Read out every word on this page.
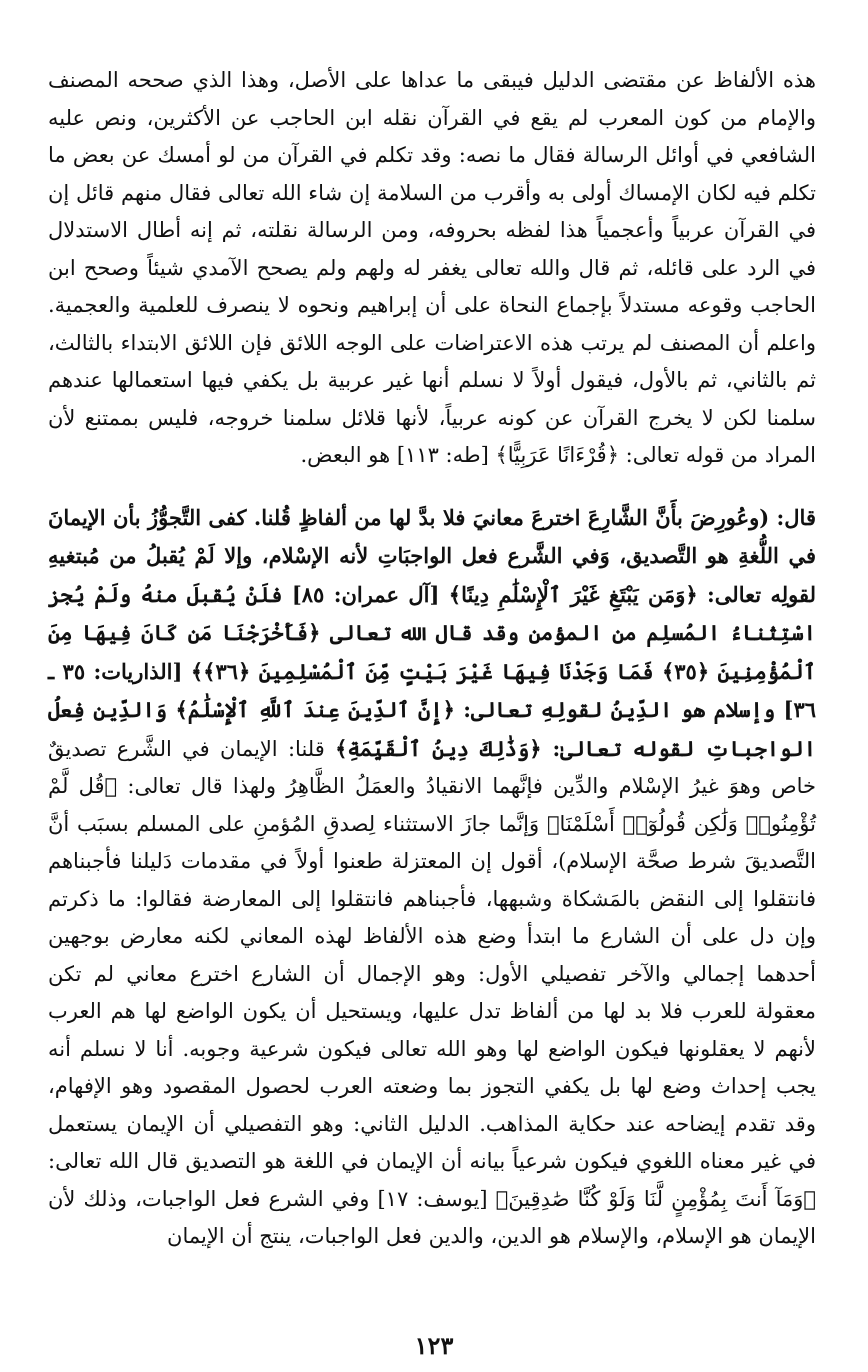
هذه الألفاظ عن مقتضى الدليل فيبقى ما عداها على الأصل، وهذا الذي صححه المصنف والإمام من كون المعرب لم يقع في القرآن نقله ابن الحاجب عن الأكثرين، ونص عليه الشافعي في أوائل الرسالة فقال ما نصه: وقد تكلم في القرآن من لو أمسك عن بعض ما تكلم فيه لكان الإمساك أولى به وأقرب من السلامة إن شاء الله تعالى فقال منهم قائل إن في القرآن عربياً وأعجمياً هذا لفظه بحروفه، ومن الرسالة نقلته، ثم إنه أطال الاستدلال في الرد على قائله، ثم قال والله تعالى يغفر له ولهم ولم يصحح الآمدي شيئاً وصحح ابن الحاجب وقوعه مستدلاً بإجماع النحاة على أن إبراهيم ونحوه لا ينصرف للعلمية والعجمية. واعلم أن المصنف لم يرتب هذه الاعتراضات على الوجه اللائق فإن اللائق الابتداء بالثالث، ثم بالثاني، ثم بالأول، فيقول أولاً لا نسلم أنها غير عربية بل يكفي فيها استعمالها عندهم سلمنا لكن لا يخرج القرآن عن كونه عربياً، لأنها قلائل سلمنا خروجه، فليس بممتنع لأن المراد من قوله تعالى: ﴿قُرْءَانًا عَرَبِيًّا﴾ [طه: ١١٣] هو البعض.

قال: (وعُورِضَ بأَنَّ الشَّارِعَ اخترعَ معانيَ فلا بدَّ لها من ألفاظٍ قُلنا. كفى التَّجوُّزُ بأن الإيمانَ في اللُّغةِ هو التَّصديق، وَفي الشَّرع فعل الواجبَاتِ لأنه الإسْلام، وإلا لَمْ يُقبلُ من مُبتغيهِ لقولِه تعالى: ﴿وَمَن يَبْتَغِ غَيْرَ ٱلْإِسْلَٰمِ دِينًا﴾ [آل عمران: ٨٥] فلَنْ يُقبلَ منهُ ولَمْ يُجز اسْتِثناءُ المُسلِم من المؤمن وقد قال الله تعالى ﴿فَأَخْرَجْنَا مَن كَانَ فِيهَا مِنَ ٱلْمُؤْمِنِينَ ﴿٣٥﴾ فَمَا وَجَدْنَا فِيهَا غَيْرَ بَيْتٍ مِّنَ ٱلْمُسْلِمِينَ ﴿٣٦﴾﴾ [الذاريات: ٣٥ ـ ٣٦] وإسلام هو الدِّينُ لقولِهِ تعالى: ﴿إِنَّ ٱلدِّينَ عِندَ ٱللَّهِ ٱلْإِسْلَٰمُ﴾ وَالدِّين فِعلُ الواجباتِ لقوله تعالىٰ: ﴿وَذَٰلِكَ دِينُ ٱلْقَيِّمَةِ﴾ قلنا: الإيمان في الشَّرع تصديقٌ خاص وهوَ غيرُ الإسْلام والدِّين فإنَّهما الانقيادُ والعمَلُ الظَّاهِرُ ولهذا قال تعالى: ﴿قُل لَّمْ تُؤْمِنُوا۟ وَلَٰكِن قُولُوٓا۟ أَسْلَمْنَا﴾ وَإنَّما جازَ الاستثناء لِصدقِ المُؤمنِ على المسلم بسبَب أنَّ التَّصديقَ شرط صحَّة الإسلام)، أقول إن المعتزلة طعنوا أولاً في مقدمات دَليلنا فأجبناهم فانتقلوا إلى النقض بالمَشكاة وشبهها، فأجبناهم فانتقلوا إلى المعارضة فقالوا: ما ذكرتم وإن دل على أن الشارع ما ابتدأ وضع هذه الألفاظ لهذه المعاني لكنه معارض بوجهين أحدهما إجمالي والآخر تفصيلي الأول: وهو الإجمال أن الشارع اخترع معاني لم تكن معقولة للعرب فلا بد لها من ألفاظ تدل عليها، ويستحيل أن يكون الواضع لها هم العرب لأنهم لا يعقلونها فيكون الواضع لها وهو الله تعالى فيكون شرعية وجوبه. أنا لا نسلم أنه يجب إحداث وضع لها بل يكفي التجوز بما وضعته العرب لحصول المقصود وهو الإفهام، وقد تقدم إيضاحه عند حكاية المذاهب. الدليل الثاني: وهو التفصيلي أن الإيمان يستعمل في غير معناه اللغوي فيكون شرعياً بيانه أن الإيمان في اللغة هو التصديق قال الله تعالى: ﴿وَمَآ أَنتَ بِمُؤْمِنٍ لَّنَا وَلَوْ كُنَّا صَٰدِقِينَ﴾ [يوسف: ١٧] وفي الشرع فعل الواجبات، وذلك لأن الإيمان هو الإسلام، والإسلام هو الدين، والدين فعل الواجبات، ينتج أن الإيمان

١٢٣
